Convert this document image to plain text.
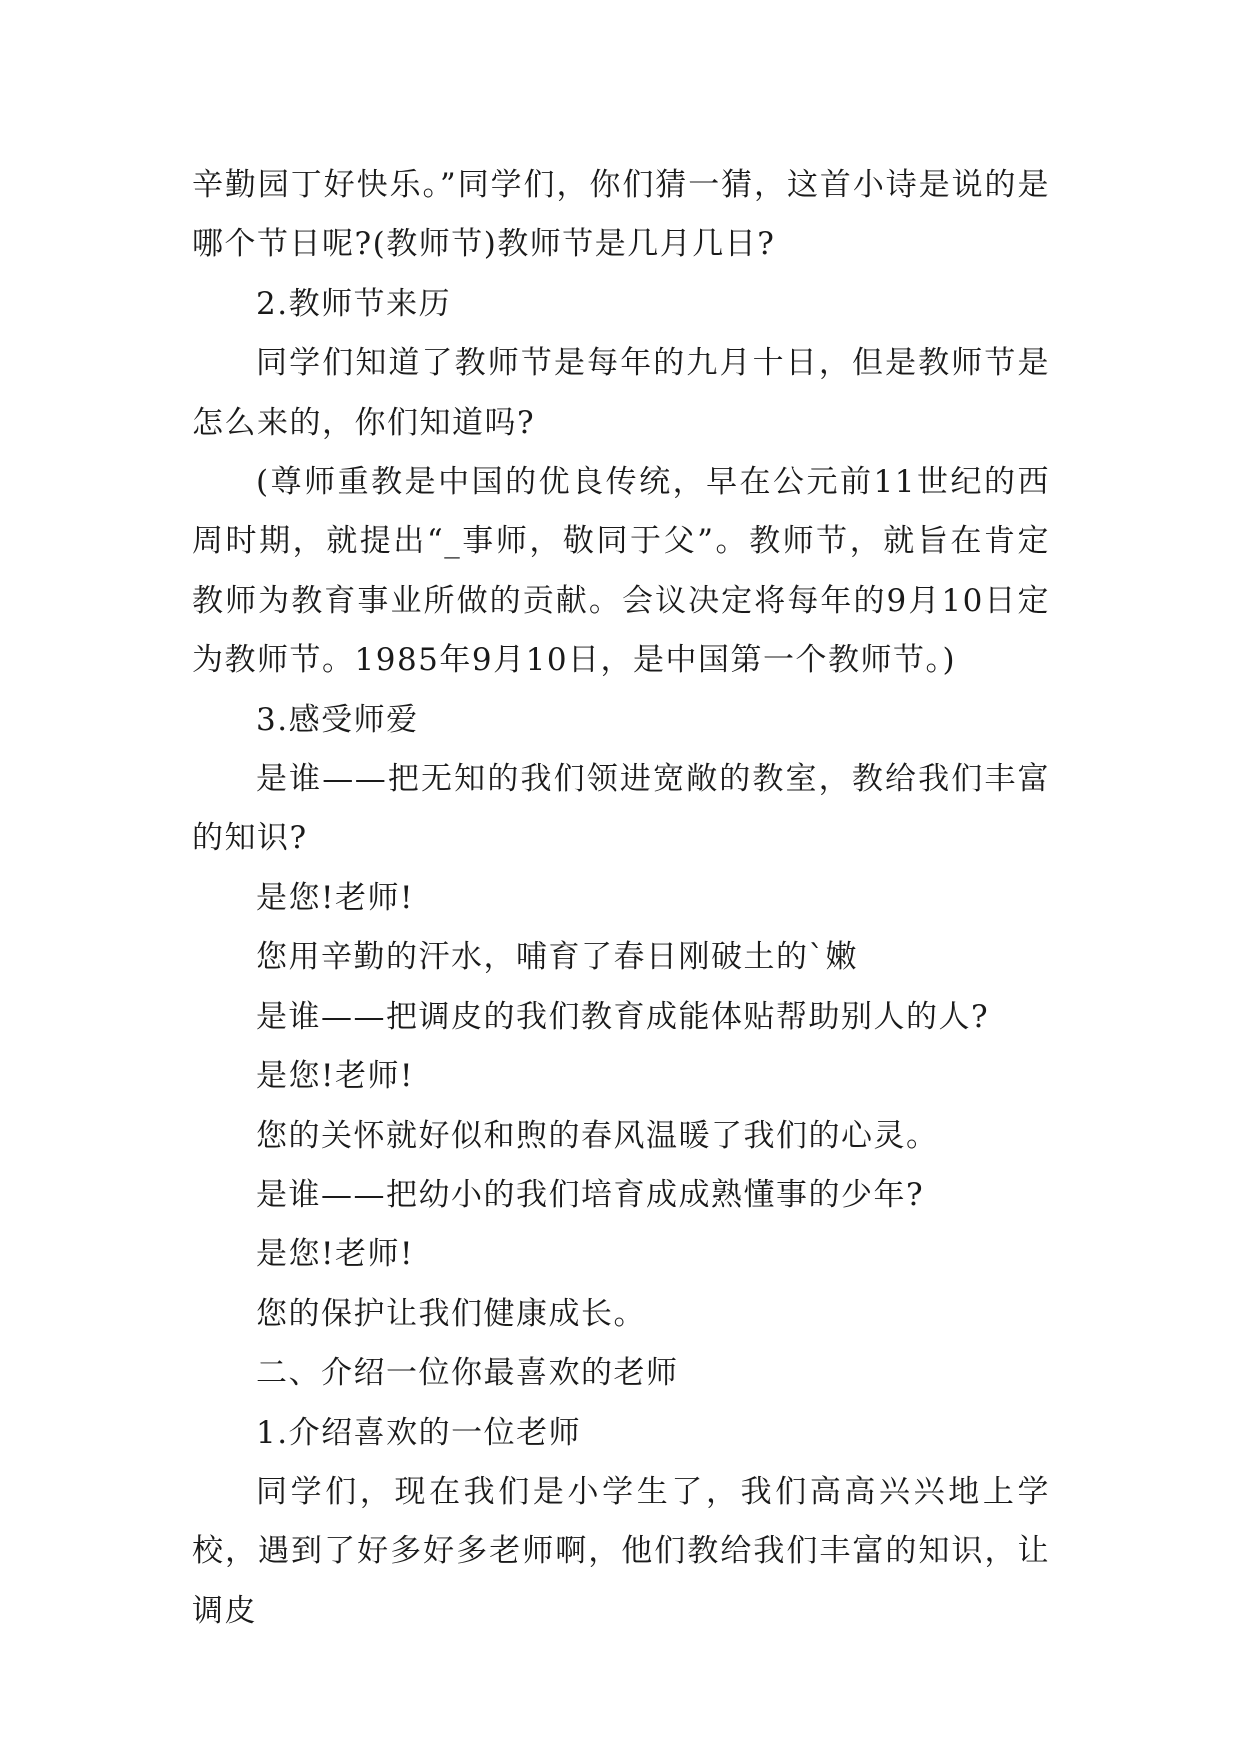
辛勤园丁好快乐。”同学们，你们猜一猜，这首小诗是说的是哪个节日呢?(教师节)教师节是几月几日?

2.教师节来历

同学们知道了教师节是每年的九月十日，但是教师节是怎么来的，你们知道吗?

(尊师重教是中国的优良传统，早在公元前11世纪的西周时期，就提出“_事师，敬同于父”。教师节，就旨在肯定教师为教育事业所做的贡献。会议决定将每年的9月10日定为教师节。1985年9月10日，是中国第一个教师节。)

3.感受师爱

是谁——把无知的我们领进宽敞的教室，教给我们丰富的知识?

是您!老师!

您用辛勤的汗水，哺育了春日刚破土的`嫩

是谁——把调皮的我们教育成能体贴帮助别人的人?

是您!老师!

您的关怀就好似和煦的春风温暖了我们的心灵。

是谁——把幼小的我们培育成成熟懂事的少年?

是您!老师!

您的保护让我们健康成长。

二、介绍一位你最喜欢的老师

1.介绍喜欢的一位老师

同学们，现在我们是小学生了，我们高高兴兴地上学校，遇到了好多好多老师啊，他们教给我们丰富的知识，让调皮
